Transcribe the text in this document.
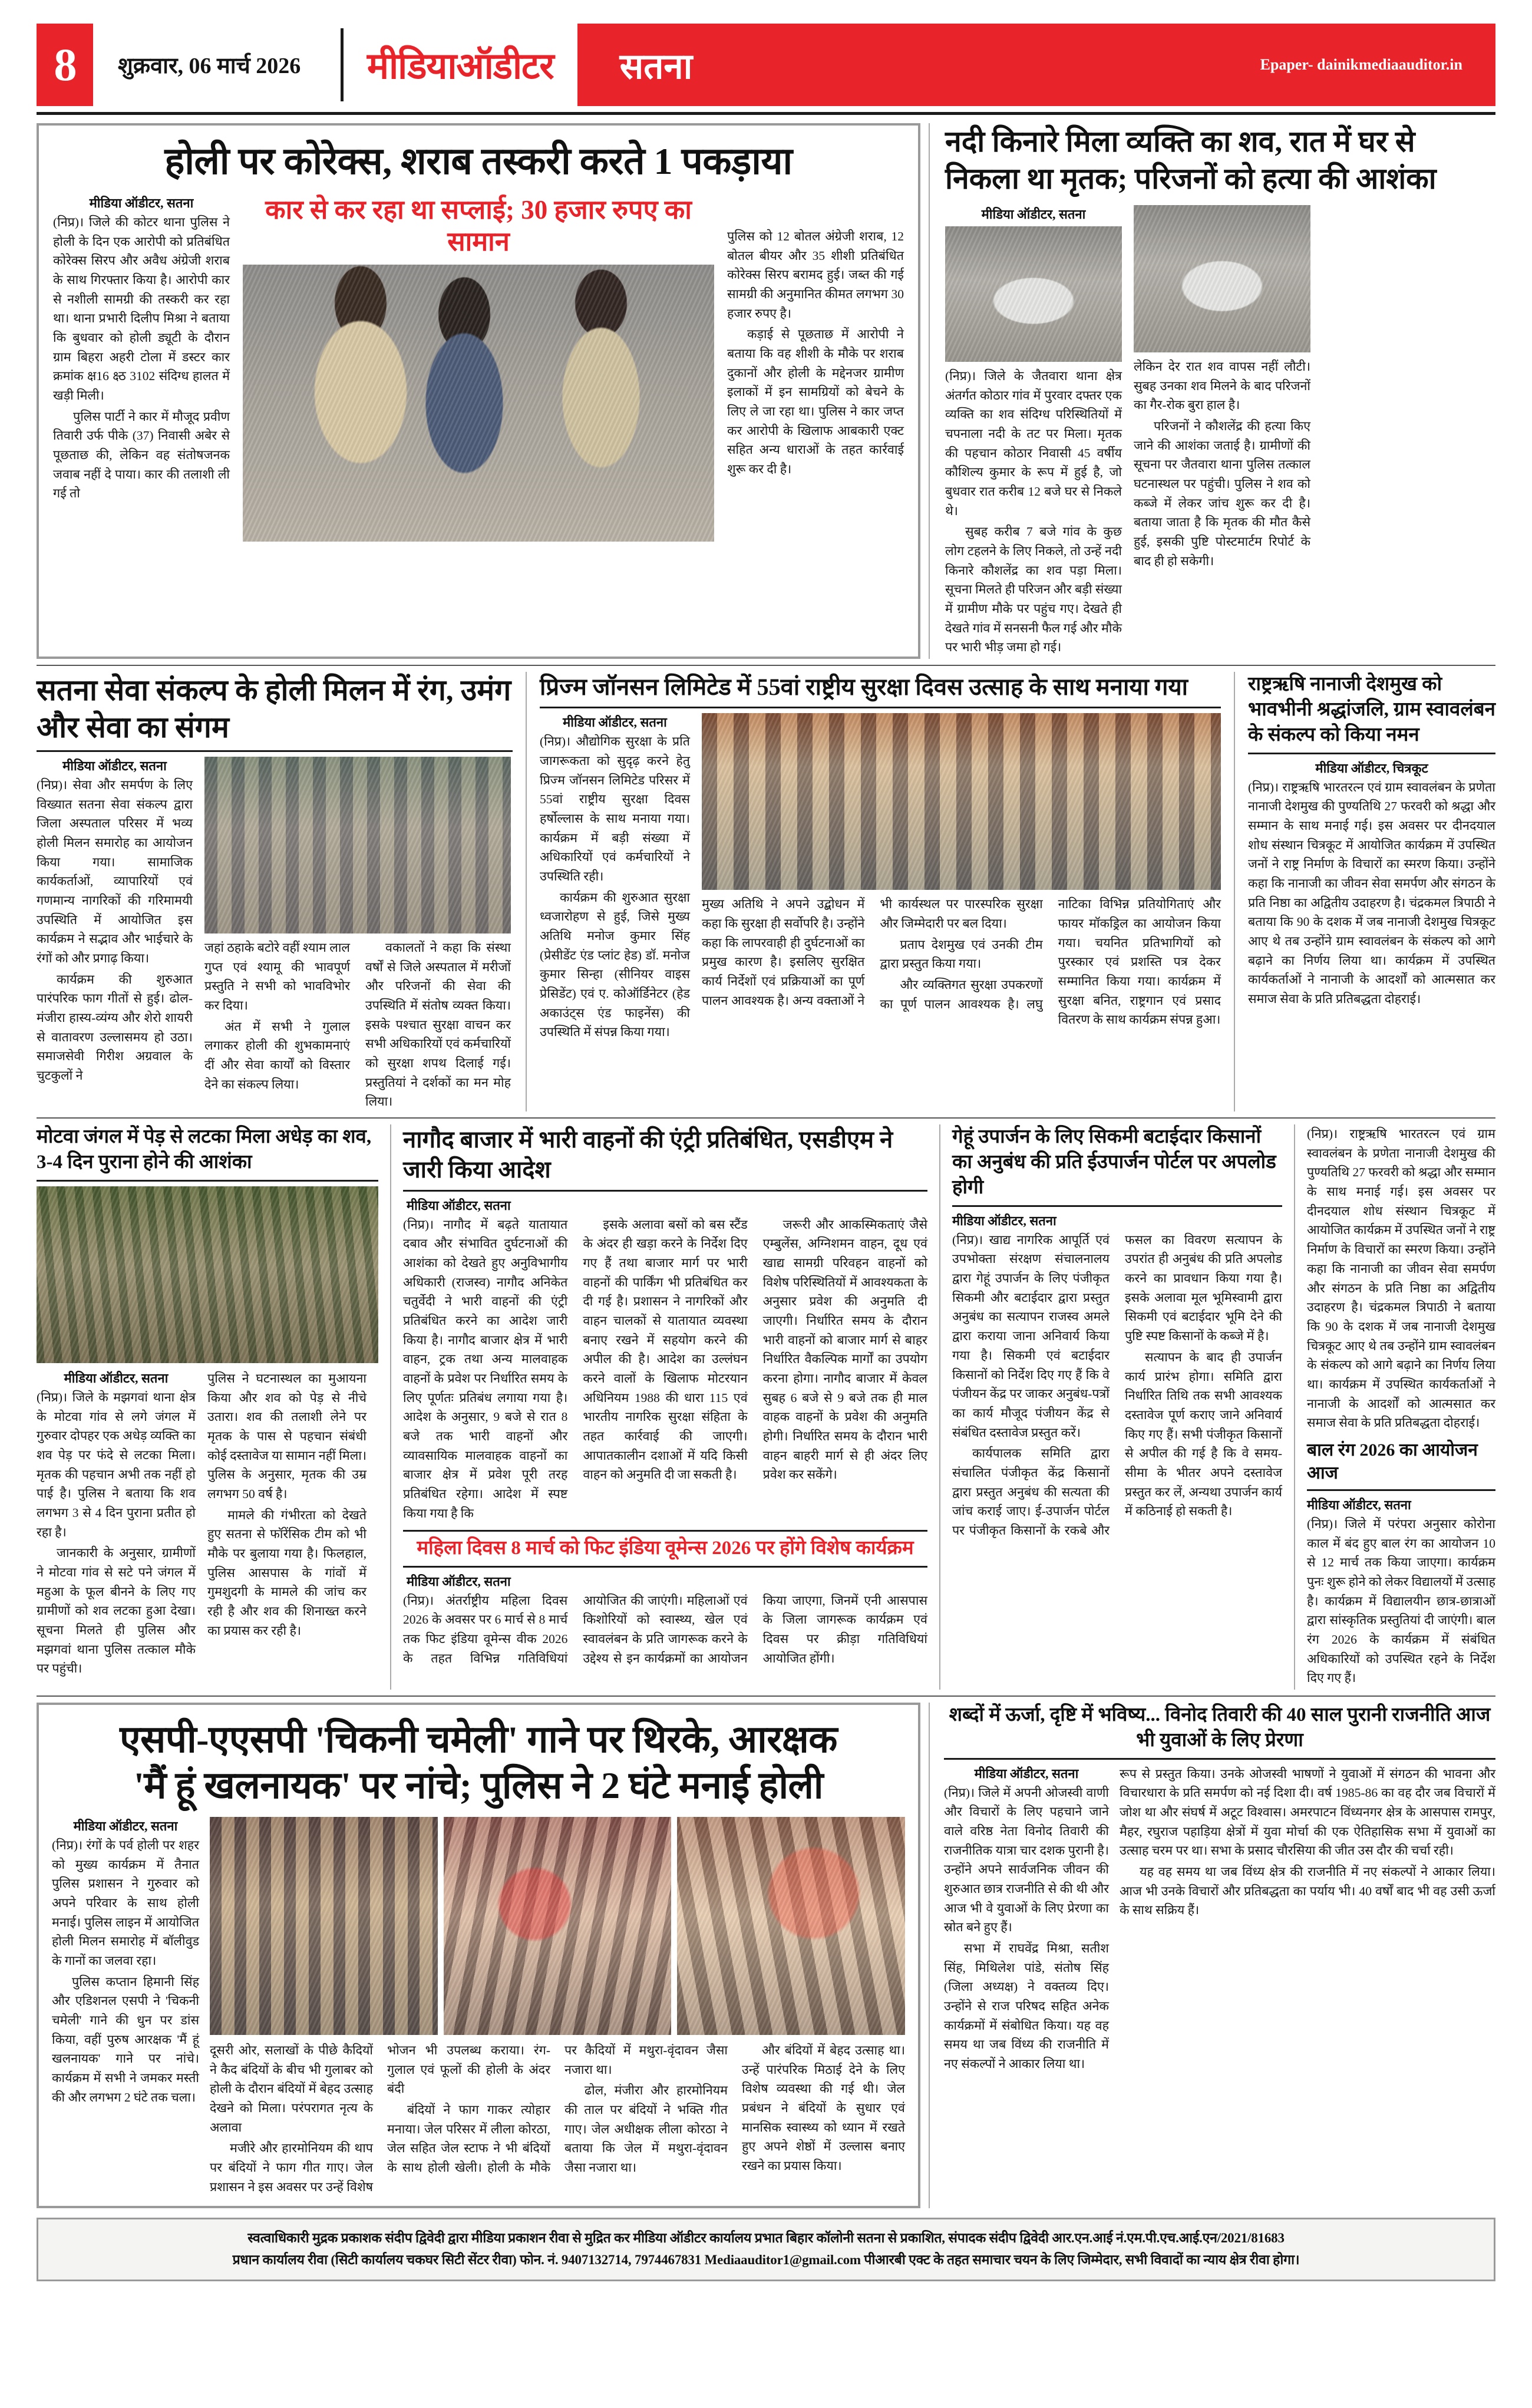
8 शुक्रवार, 06 मार्च 2026 मीडियाऑडीटर सतना	Epaper- dainikmediaauditor.in
होली पर कोरेक्स, शराब तस्करी करते 1 पकड़ाया
मीडिया ऑडीटर, सतना

(निप्र)। जिले की कोटर थाना पुलिस ने होली के दिन एक आरोपी को प्रतिबंधित कोरेक्स सिरप और अवैध अंग्रेजी शराब के साथ गिरफ्तार किया है। आरोपी कार से नशीली सामग्री की तस्करी कर रहा था। थाना प्रभारी दिलीप मिश्रा ने बताया कि बुधवार को होली ड्यूटी के दौरान ग्राम बिहरा अहरी टोला में डस्टर कार क्रमांक क्ष16 क्ष्ठ 3102 संदिग्ध हालत में खड़ी मिली।

पुलिस पार्टी ने कार में मौजूद प्रवीण तिवारी उर्फ पीके (37) निवासी अबेर से पूछताछ की, लेकिन वह संतोषजनक जवाब नहीं दे पाया। कार की तलाशी ली गई तो

कार से कर रहा था सप्लाई; 30 हजार रुपए का सामान	पुलिस को 12 बोतल अंग्रेजी शराब, 12 बोतल बीयर और 35 शीशी प्रतिबंधित कोरेक्स सिरप बरामद हुई। जब्त की गई सामग्री की अनुमानित कीमत लगभग 30 हजार रुपए है।

कड़ाई से पूछताछ में आरोपी ने बताया कि वह शीशी के मौके पर शराब दुकानों और होली के मद्देनजर ग्रामीण इलाकों में इन सामग्रियों को बेचने के लिए ले जा रहा था। पुलिस ने कार जप्त कर आरोपी के खिलाफ आबकारी एक्ट सहित अन्य धाराओं के तहत कार्रवाई शुरू कर दी है।

नदी किनारे मिला व्यक्ति का शव, रात में घर से निकला था मृतक; परिजनों को हत्या की आशंका
मीडिया ऑडीटर, सतना

(निप्र)। जिले के जैतवारा थाना क्षेत्र अंतर्गत कोठार गांव में पुरवार दफ्तर एक व्यक्ति का शव संदिग्ध परिस्थितियों में चपनाला नदी के तट पर मिला। मृतक की पहचान कोठार निवासी 45 वर्षीय कौशिल्य कुमार के रूप में हुई है, जो बुधवार रात करीब 12 बजे घर से निकले थे।

सुबह करीब 7 बजे गांव के कुछ लोग टहलने के लिए निकले, तो उन्हें नदी किनारे कौशलेंद्र का शव पड़ा मिला। सूचना मिलते ही परिजन और बड़ी संख्या में ग्रामीण मौके पर पहुंच गए। देखते ही देखते गांव में सनसनी फैल गई और मौके पर भारी भीड़ जमा हो गई।

लेकिन देर रात शव वापस नहीं लौटी। सुबह उनका शव मिलने के बाद परिजनों का गैर-रोक बुरा हाल है।

परिजनों ने कौशलेंद्र की हत्या किए जाने की आशंका जताई है। ग्रामीणों की सूचना पर जैतवारा थाना पुलिस तत्काल घटनास्थल पर पहुंची। पुलिस ने शव को कब्जे में लेकर जांच शुरू कर दी है। बताया जाता है कि मृतक की मौत कैसे हुई, इसकी पुष्टि पोस्टमार्टम रिपोर्ट के बाद ही हो सकेगी।

सतना सेवा संकल्प के होली मिलन में रंग, उमंग और सेवा का संगम
मीडिया ऑडीटर, सतना

(निप्र)। सेवा और समर्पण के लिए विख्यात सतना सेवा संकल्प द्वारा जिला अस्पताल परिसर में भव्य होली मिलन समारोह का आयोजन किया गया। सामाजिक कार्यकर्ताओं, व्यापारियों एवं गणमान्य नागरिकों की गरिमामयी उपस्थिति में आयोजित इस कार्यक्रम ने सद्भाव और भाईचारे के रंगों को और प्रगाढ़ किया।

कार्यक्रम की शुरुआत पारंपरिक फाग गीतों से हुई। ढोल-मंजीरा हास्य-व्यंग्य और शेरो शायरी से वातावरण उल्लासमय हो उठा। समाजसेवी गिरीश अग्रवाल के चुटकुलों ने

जहां ठहाके बटोरे वहीं श्याम लाल गुप्त एवं श्यामू की भावपूर्ण प्रस्तुति ने सभी को भावविभोर कर दिया।

अंत में सभी ने गुलाल लगाकर होली की शुभकामनाएं दीं और सेवा कार्यों को विस्तार देने का संकल्प लिया।

वकालतों ने कहा कि संस्था वर्षों से जिले अस्पताल में मरीजों और परिजनों की सेवा की उपस्थिति में संतोष व्यक्त किया। इसके पश्चात सुरक्षा वाचन कर सभी अधिकारियों एवं कर्मचारियों को सुरक्षा शपथ दिलाई गई। प्रस्तुतियां ने दर्शकों का मन मोह लिया।

प्रिज्म जॉनसन लिमिटेड में 55वां राष्ट्रीय सुरक्षा दिवस उत्साह के साथ मनाया गया
मीडिया ऑडीटर, सतना

(निप्र)। औद्योगिक सुरक्षा के प्रति जागरूकता को सुदृढ़ करने हेतु प्रिज्म जॉनसन लिमिटेड परिसर में 55वां राष्ट्रीय सुरक्षा दिवस हर्षोल्लास के साथ मनाया गया। कार्यक्रम में बड़ी संख्या में अधिकारियों एवं कर्मचारियों ने उपस्थिति रही।

कार्यक्रम की शुरुआत सुरक्षा ध्वजारोहण से हुई, जिसे मुख्य अतिथि मनोज कुमार सिंह (प्रेसीडेंट एंड प्लांट हेड) डॉ. मनोज कुमार सिन्हा (सीनियर वाइस प्रेसिडेंट) एवं ए. कोऑर्डिनेटर (हेड अकाउंट्स एंड फाइनेंस) की उपस्थिति में संपन्न किया गया।

मुख्य अतिथि ने अपने उद्बोधन में कहा कि सुरक्षा ही सर्वोपरि है। उन्होंने कहा कि लापरवाही ही दुर्घटनाओं का प्रमुख कारण है। इसलिए सुरक्षित कार्य निर्देशों एवं प्रक्रियाओं का पूर्ण पालन आवश्यक है। अन्य वक्ताओं ने भी कार्यस्थल पर पारस्परिक सुरक्षा और जिम्मेदारी पर बल दिया।

प्रताप देशमुख एवं उनकी टीम द्वारा प्रस्तुत किया गया।

और व्यक्तिगत सुरक्षा उपकरणों का पूर्ण पालन आवश्यक है। लघु नाटिका विभिन्न प्रतियोगिताएं और फायर मॉकड्रिल का आयोजन किया गया। चयनित प्रतिभागियों को पुरस्कार एवं प्रशस्ति पत्र देकर सम्मानित किया गया। कार्यक्रम में सुरक्षा बनित, राष्ट्रगान एवं प्रसाद वितरण के साथ कार्यक्रम संपन्न हुआ।

राष्ट्रऋषि नानाजी देशमुख को भावभीनी श्रद्धांजलि, ग्राम स्वावलंबन के संकल्प को किया नमन
मीडिया ऑडीटर, चित्रकूट

(निप्र)। राष्ट्रऋषि भारतरत्न एवं ग्राम स्वावलंबन के प्रणेता नानाजी देशमुख की पुण्यतिथि 27 फरवरी को श्रद्धा और सम्मान के साथ मनाई गई। इस अवसर पर दीनदयाल शोध संस्थान चित्रकूट में आयोजित कार्यक्रम में उपस्थित जनों ने राष्ट्र निर्माण के विचारों का स्मरण किया। उन्होंने कहा कि नानाजी का जीवन सेवा समर्पण और संगठन के प्रति निष्ठा का अद्वितीय उदाहरण है। चंद्रकमल त्रिपाठी ने बताया कि 90 के दशक में जब नानाजी देशमुख चित्रकूट आए थे तब उन्होंने ग्राम स्वावलंबन के संकल्प को आगे बढ़ाने का निर्णय लिया था। कार्यक्रम में उपस्थित कार्यकर्ताओं ने नानाजी के आदर्शों को आत्मसात कर समाज सेवा के प्रति प्रतिबद्धता दोहराई।

मोटवा जंगल में पेड़ से लटका मिला अधेड़ का शव, 3-4 दिन पुराना होने की आशंका
मीडिया ऑडीटर, सतना

(निप्र)। जिले के मझगवां थाना क्षेत्र के मोटवा गांव से लगे जंगल में गुरुवार दोपहर एक अधेड़ व्यक्ति का शव पेड़ पर फंदे से लटका मिला। मृतक की पहचान अभी तक नहीं हो पाई है। पुलिस ने बताया कि शव लगभग 3 से 4 दिन पुराना प्रतीत हो रहा है।

जानकारी के अनुसार, ग्रामीणों ने मोटवा गांव से सटे पने जंगल में महुआ के फूल बीनने के लिए गए ग्रामीणों को शव लटका हुआ देखा। सूचना मिलते ही पुलिस और मझगवां थाना पुलिस तत्काल मौके पर पहुंची।

पुलिस ने घटनास्थल का मुआयना किया और शव को पेड़ से नीचे उतारा। शव की तलाशी लेने पर मृतक के पास से पहचान संबंधी कोई दस्तावेज या सामान नहीं मिला। पुलिस के अनुसार, मृतक की उम्र लगभग 50 वर्ष है।

मामले की गंभीरता को देखते हुए सतना से फॉरेंसिक टीम को भी मौके पर बुलाया गया है। फिलहाल, पुलिस आसपास के गांवों में गुमशुदगी के मामले की जांच कर रही है और शव की शिनाख्त करने का प्रयास कर रही है।

नागौद बाजार में भारी वाहनों की एंट्री प्रतिबंधित, एसडीएम ने जारी किया आदेश
मीडिया ऑडीटर, सतना

(निप्र)। नागौद में बढ़ते यातायात दबाव और संभावित दुर्घटनाओं की आशंका को देखते हुए अनुविभागीय अधिकारी (राजस्व) नागौद अनिकेत चतुर्वेदी ने भारी वाहनों की एंट्री प्रतिबंधित करने का आदेश जारी किया है। नागौद बाजार क्षेत्र में भारी वाहन, ट्रक तथा अन्य मालवाहक वाहनों के प्रवेश पर निर्धारित समय के लिए पूर्णतः प्रतिबंध लगाया गया है। आदेश के अनुसार, 9 बजे से रात 8 बजे तक भारी वाहनों और व्यावसायिक मालवाहक वाहनों का बाजार क्षेत्र में प्रवेश पूरी तरह प्रतिबंधित रहेगा। आदेश में स्पष्ट किया गया है कि

इसके अलावा बसों को बस स्टैंड के अंदर ही खड़ा करने के निर्देश दिए गए हैं तथा बाजार मार्ग पर भारी वाहनों की पार्किंग भी प्रतिबंधित कर दी गई है। प्रशासन ने नागरिकों और वाहन चालकों से यातायात व्यवस्था बनाए रखने में सहयोग करने की अपील की है। आदेश का उल्लंघन करने वालों के खिलाफ मोटरयान अधिनियम 1988 की धारा 115 एवं भारतीय नागरिक सुरक्षा संहिता के तहत कार्रवाई की जाएगी। आपातकालीन दशाओं में यदि किसी वाहन को अनुमति दी जा सकती है।

जरूरी और आकस्मिकताएं जैसे एम्बुलेंस, अग्निशमन वाहन, दूध एवं खाद्य सामग्री परिवहन वाहनों को विशेष परिस्थितियों में आवश्यकता के अनुसार प्रवेश की अनुमति दी जाएगी। निर्धारित समय के दौरान भारी वाहनों को बाजार मार्ग से बाहर निर्धारित वैकल्पिक मार्गों का उपयोग करना होगा। नागौद बाजार में केवल सुबह 6 बजे से 9 बजे तक ही माल वाहक वाहनों के प्रवेश की अनुमति होगी। निर्धारित समय के दौरान भारी वाहन बाहरी मार्ग से ही अंदर लिए प्रवेश कर सकेंगे।

महिला दिवस 8 मार्च को फिट इंडिया वूमेन्स 2026 पर होंगे विशेष कार्यक्रम
मीडिया ऑडीटर, सतना

(निप्र)। अंतर्राष्ट्रीय महिला दिवस 2026 के अवसर पर 6 मार्च से 8 मार्च तक फिट इंडिया वूमेन्स वीक 2026 के तहत विभिन्न गतिविधियां आयोजित की जाएंगी। महिलाओं एवं किशोरियों को स्वास्थ्य, खेल एवं स्वावलंबन के प्रति जागरूक करने के उद्देश्य से इन कार्यक्रमों का आयोजन किया जाएगा, जिनमें एनी आसपास के जिला जागरूक कार्यक्रम एवं दिवस पर क्रीड़ा गतिविधियां आयोजित होंगी।

गेहूं उपार्जन के लिए सिकमी बटाईदार किसानों का अनुबंध की प्रति ईउपार्जन पोर्टल पर अपलोड होगी
मीडिया ऑडीटर, सतना

(निप्र)। खाद्य नागरिक आपूर्ति एवं उपभोक्ता संरक्षण संचालनालय द्वारा गेहूं उपार्जन के लिए पंजीकृत सिकमी और बटाईदार द्वारा प्रस्तुत अनुबंध का सत्यापन राजस्व अमले द्वारा कराया जाना अनिवार्य किया गया है। सिकमी एवं बटाईदार किसानों को निर्देश दिए गए हैं कि वे पंजीयन केंद्र पर जाकर अनुबंध-पत्रों का कार्य मौजूद पंजीयन केंद्र से संबंधित दस्तावेज प्रस्तुत करें।

कार्यपालक समिति द्वारा संचालित पंजीकृत केंद्र किसानों द्वारा प्रस्तुत अनुबंध की सत्यता की जांच कराई जाए। ई-उपार्जन पोर्टल पर पंजीकृत किसानों के रकबे और फसल का विवरण सत्यापन के उपरांत ही अनुबंध की प्रति अपलोड करने का प्रावधान किया गया है। इसके अलावा मूल भूमिस्वामी द्वारा सिकमी एवं बटाईदार भूमि देने की पुष्टि स्पष्ट किसानों के कब्जे में है।

सत्यापन के बाद ही उपार्जन कार्य प्रारंभ होगा। समिति द्वारा निर्धारित तिथि तक सभी आवश्यक दस्तावेज पूर्ण कराए जाने अनिवार्य किए गए हैं। सभी पंजीकृत किसानों से अपील की गई है कि वे समय-सीमा के भीतर अपने दस्तावेज प्रस्तुत कर लें, अन्यथा उपार्जन कार्य में कठिनाई हो सकती है।

(निप्र)। राष्ट्रऋषि भारतरत्न एवं ग्राम स्वावलंबन के प्रणेता नानाजी देशमुख की पुण्यतिथि 27 फरवरी को श्रद्धा और सम्मान के साथ मनाई गई। इस अवसर पर दीनदयाल शोध संस्थान चित्रकूट में आयोजित कार्यक्रम में उपस्थित जनों ने राष्ट्र निर्माण के विचारों का स्मरण किया। उन्होंने कहा कि नानाजी का जीवन सेवा समर्पण और संगठन के प्रति निष्ठा का अद्वितीय उदाहरण है। चंद्रकमल त्रिपाठी ने बताया कि 90 के दशक में जब नानाजी देशमुख चित्रकूट आए थे तब उन्होंने ग्राम स्वावलंबन के संकल्प को आगे बढ़ाने का निर्णय लिया था। कार्यक्रम में उपस्थित कार्यकर्ताओं ने नानाजी के आदर्शों को आत्मसात कर समाज सेवा के प्रति प्रतिबद्धता दोहराई।

बाल रंग 2026 का आयोजन आज
मीडिया ऑडीटर, सतना

(निप्र)। जिले में परंपरा अनुसार कोरोना काल में बंद हुए बाल रंग का आयोजन 10 से 12 मार्च तक किया जाएगा। कार्यक्रम पुनः शुरू होने को लेकर विद्यालयों में उत्साह है। कार्यक्रम में विद्यालयीन छात्र-छात्राओं द्वारा सांस्कृतिक प्रस्तुतियां दी जाएंगी। बाल रंग 2026 के कार्यक्रम में संबंधित अधिकारियों को उपस्थित रहने के निर्देश दिए गए हैं।

एसपी-एएसपी 'चिकनी चमेली' गाने पर थिरके, आरक्षक
'मैं हूं खलनायक' पर नांचे; पुलिस ने 2 घंटे मनाई होली
मीडिया ऑडीटर, सतना

(निप्र)। रंगों के पर्व होली पर शहर को मुख्य कार्यक्रम में तैनात पुलिस प्रशासन ने गुरुवार को अपने परिवार के साथ होली मनाई। पुलिस लाइन में आयोजित होली मिलन समारोह में बॉलीवुड के गानों का जलवा रहा।

पुलिस कप्तान हिमानी सिंह और एडिशनल एसपी ने 'चिकनी चमेली' गाने की धुन पर डांस किया, वहीं पुरुष आरक्षक 'मैं हूं खलनायक' गाने पर नांचे। कार्यक्रम में सभी ने जमकर मस्ती की और लगभग 2 घंटे तक चला।

दूसरी ओर, सलाखों के पीछे कैदियों ने कैद बंदियों के बीच भी गुलाबर को होली के दौरान बंदियों में बेहद उत्साह देखने को मिला। परंपरागत नृत्य के अलावा

मजीरे और हारमोनियम की थाप पर बंदियों ने फाग गीत गाए। जेल प्रशासन ने इस अवसर पर उन्हें विशेष भोजन भी उपलब्ध कराया। रंग-गुलाल एवं फूलों की होली के अंदर बंदी

बंदियों ने फाग गाकर त्योहार मनाया। जेल परिसर में लीला कोरठा, जेल सहित जेल स्टाफ ने भी बंदियों के साथ होली खेली। होली के मौके पर कैदियों में मथुरा-वृंदावन जैसा नजारा था।

ढोल, मंजीरा और हारमोनियम की ताल पर बंदियों ने भक्ति गीत गाए। जेल अधीक्षक लीला कोरठा ने बताया कि जेल में मथुरा-वृंदावन जैसा नजारा था।

और बंदियों में बेहद उत्साह था। उन्हें पारंपरिक मिठाई देने के लिए विशेष व्यवस्था की गई थी। जेल प्रबंधन ने बंदियों के सुधार एवं मानसिक स्वास्थ्य को ध्यान में रखते हुए अपने शेष्ठों में उल्लास बनाए रखने का प्रयास किया।

शब्दों में ऊर्जा, दृष्टि में भविष्य... विनोद तिवारी की 40 साल पुरानी राजनीति आज भी युवाओं के लिए प्रेरणा
मीडिया ऑडीटर, सतना

(निप्र)। जिले में अपनी ओजस्वी वाणी और विचारों के लिए पहचाने जाने वाले वरिष्ठ नेता विनोद तिवारी की राजनीतिक यात्रा चार दशक पुरानी है। उन्होंने अपने सार्वजनिक जीवन की शुरुआत छात्र राजनीति से की थी और आज भी वे युवाओं के लिए प्रेरणा का स्रोत बने हुए हैं।

सभा में राघवेंद्र मिश्रा, सतीश सिंह, मिथिलेश पांडे, संतोष सिंह (जिला अध्यक्ष) ने वक्तव्य दिए। उन्होंने से राज परिषद सहित अनेक कार्यक्रमों में संबोधित किया। यह वह समय था जब विंध्य की राजनीति में नए संकल्पों ने आकार लिया था।

रूप से प्रस्तुत किया। उनके ओजस्वी भाषणों ने युवाओं में संगठन की भावना और विचारधारा के प्रति समर्पण को नई दिशा दी। वर्ष 1985-86 का वह दौर जब विचारों में जोश था और संघर्ष में अटूट विश्वास। अमरपाटन विंध्यनगर क्षेत्र के आसपास रामपुर, मैहर, रघुराज पहाड़िया क्षेत्रों में युवा मोर्चा की एक ऐतिहासिक सभा में युवाओं का उत्साह चरम पर था। सभा के प्रसाद चौरसिया की जीत उस दौर की चर्चा रही।

यह वह समय था जब विंध्य क्षेत्र की राजनीति में नए संकल्पों ने आकार लिया। आज भी उनके विचारों और प्रतिबद्धता का पर्याय भी। 40 वर्षों बाद भी वह उसी ऊर्जा के साथ सक्रिय हैं।

स्वत्वाधिकारी मुद्रक प्रकाशक संदीप द्विवेदी द्वारा मीडिया प्रकाशन रीवा से मुद्रित कर मीडिया ऑडीटर कार्यालय प्रभात बिहार कॉलोनी सतना से प्रकाशित, संपादक संदीप द्विवेदी आर.एन.आई नं.एम.पी.एच.आई.एन/2021/81683
प्रधान कार्यालय रीवा (सिटी कार्यालय चकघर सिटी सेंटर रीवा) फोन. नं. 9407132714, 7974467831 Mediaauditor1@gmail.com पीआरबी एक्ट के तहत समाचार चयन के लिए जिम्मेदार, सभी विवादों का न्याय क्षेत्र रीवा होगा।
